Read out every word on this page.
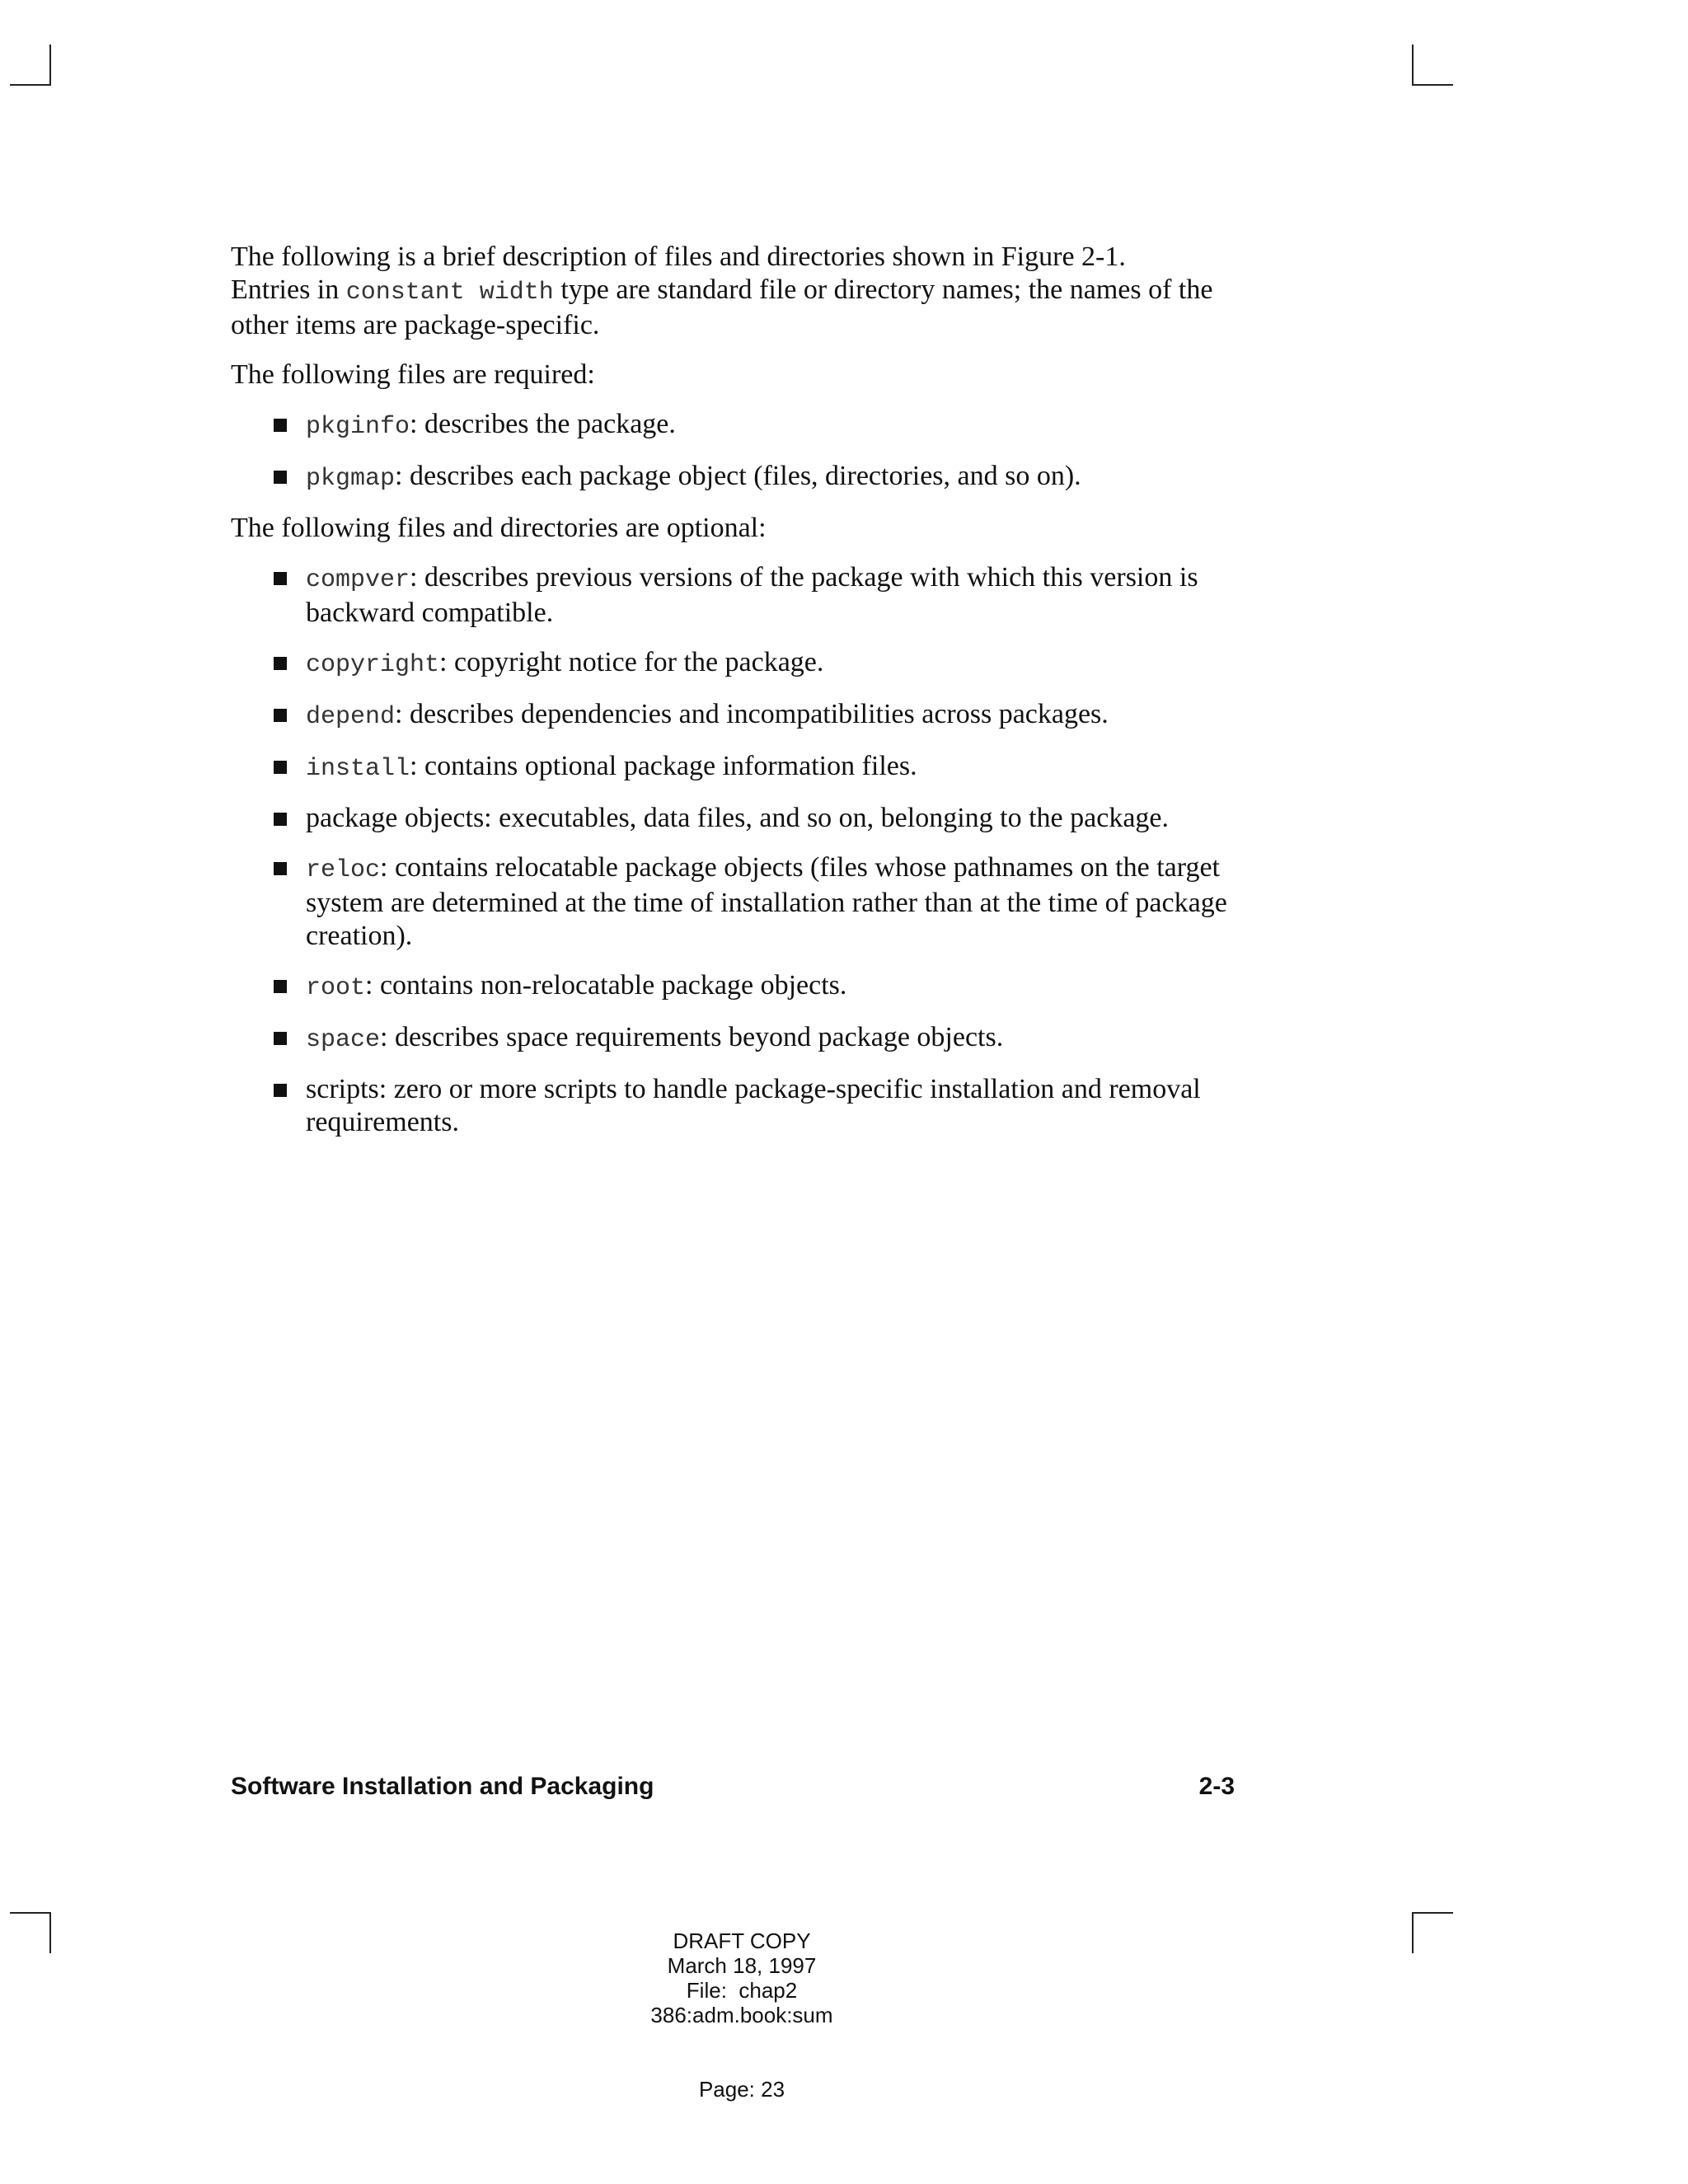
The following is a brief description of files and directories shown in Figure 2-1.
Entries in constant width type are standard file or directory names; the names of the other items are package-specific.

The following files are required:

pkginfo: describes the package.
pkgmap: describes each package object (files, directories, and so on).

The following files and directories are optional:

compver: describes previous versions of the package with which this version is backward compatible.
copyright: copyright notice for the package.
depend: describes dependencies and incompatibilities across packages.
install: contains optional package information files.
package objects: executables, data files, and so on, belonging to the package.
reloc: contains relocatable package objects (files whose pathnames on the target system are determined at the time of installation rather than at the time of package creation).
root: contains non-relocatable package objects.
space: describes space requirements beyond package objects.
scripts: zero or more scripts to handle package-specific installation and removal requirements.
Software Installation and Packaging	2-3
DRAFT COPY
March 18, 1997
File:  chap2
386:adm.book:sum
Page: 23
